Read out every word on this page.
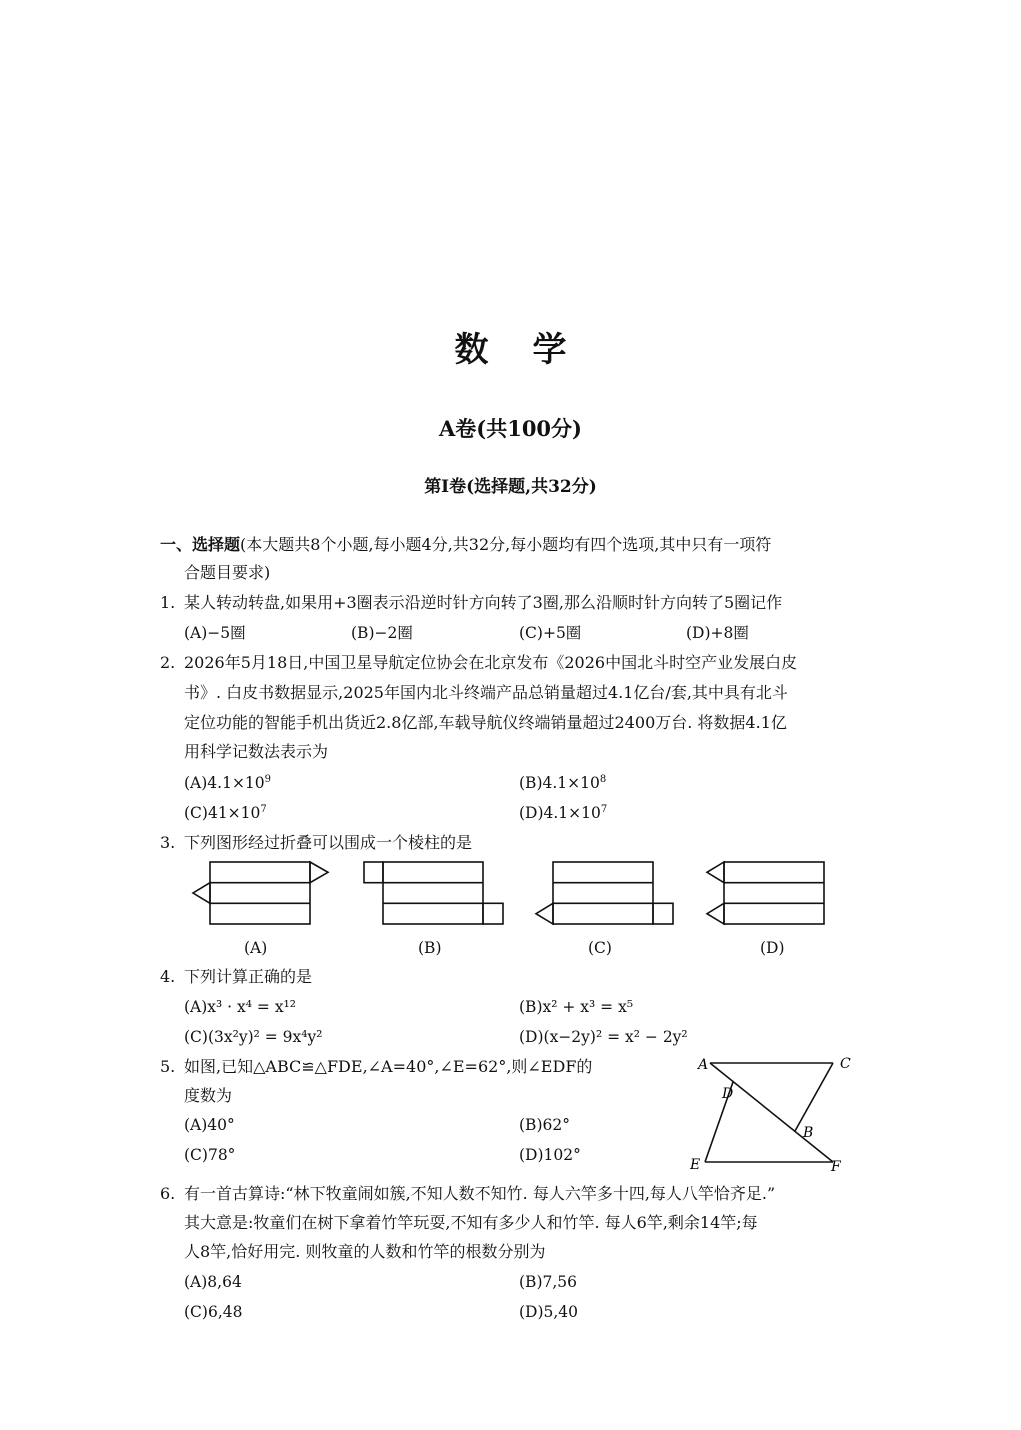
数学
A卷(共100分)
第Ⅰ卷(选择题,共32分)
一、选择题(本大题共8个小题,每小题4分,共32分,每小题均有四个选项,其中只有一项符
合题目要求)
1. 某人转动转盘,如果用+3圈表示沿逆时针方向转了3圈,那么沿顺时针方向转了5圈记作
(A)−5圈	(B)−2圈	(C)+5圈	(D)+8圈
2. 2026年5月18日,中国卫星导航定位协会在北京发布《2026中国北斗时空产业发展白皮
书》. 白皮书数据显示,2025年国内北斗终端产品总销量超过4.1亿台/套,其中具有北斗
定位功能的智能手机出货近2.8亿部,车载导航仪终端销量超过2400万台. 将数据4.1亿
用科学记数法表示为
$(A)4.1\times 10^9$	$(B)4.1\times 10^8$
$(C)41\times 10^7$	$(D)4.1\times 10^7$
3. 下列图形经过折叠可以围成一个棱柱的是
(A)	(B)	(C)	(D)
4. 下列计算正确的是
(A)x³ · x⁴ = x¹²	(B)x² + x³ = x⁵
(C)(3x²y)² = 9x⁴y²	(D)(x−2y)² = x² − 2y²
5. 如图,已知△ABC≌△FDE,∠A=40°,∠E=62°,则∠EDF的
度数为
(A)40°	(B)62°
(C)78°	(D)102°
A	C
D
B
E	F
6. 有一首古算诗:“林下牧童闹如簇,不知人数不知竹. 每人六竿多十四,每人八竿恰齐足.”
其大意是:牧童们在树下拿着竹竿玩耍,不知有多少人和竹竿. 每人6竿,剩余14竿;每
人8竿,恰好用完. 则牧童的人数和竹竿的根数分别为
(A)8,64	(B)7,56
(C)6,48	(D)5,40
